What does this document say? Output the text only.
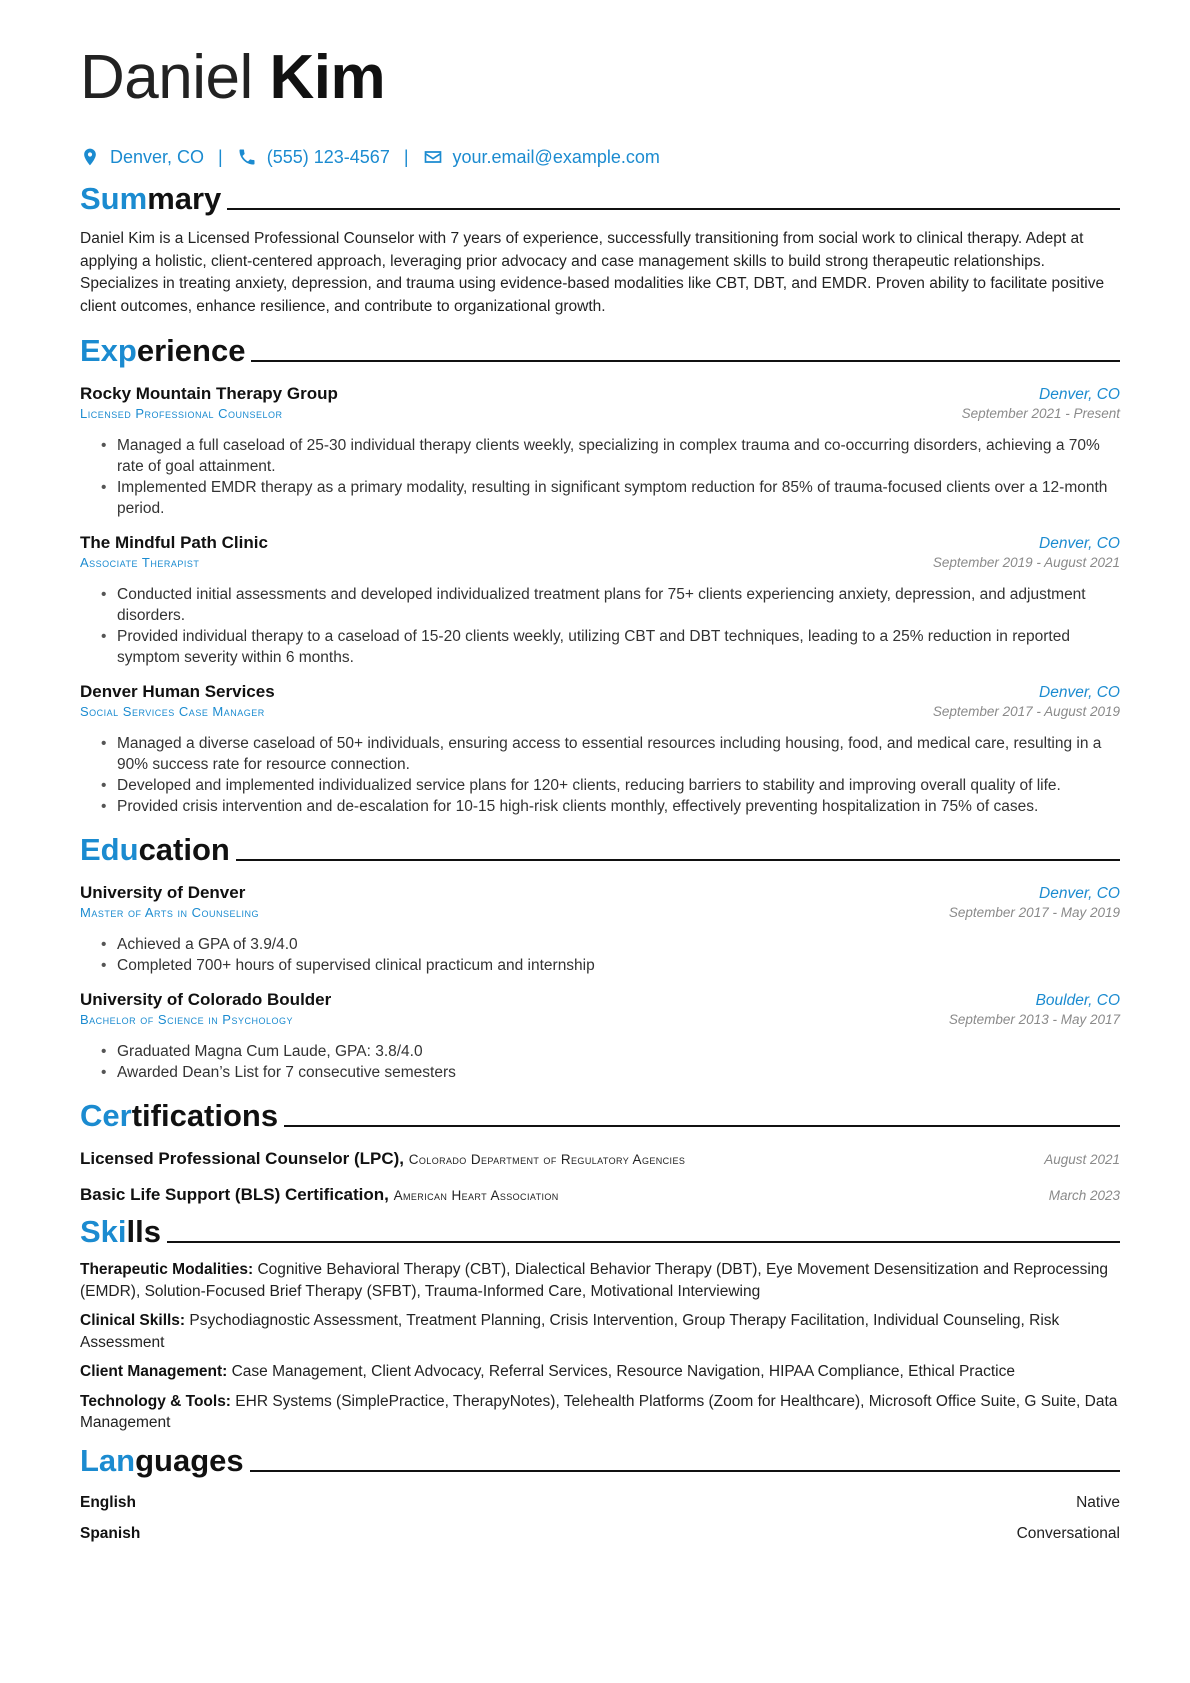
Daniel Kim
Denver, CO | (555) 123-4567 | your.email@example.com
Summary

Daniel Kim is a Licensed Professional Counselor with 7 years of experience, successfully transitioning from social work to clinical therapy. Adept at applying a holistic, client-centered approach, leveraging prior advocacy and case management skills to build strong therapeutic relationships. Specializes in treating anxiety, depression, and trauma using evidence-based modalities like CBT, DBT, and EMDR. Proven ability to facilitate positive client outcomes, enhance resilience, and contribute to organizational growth.

Experience
Rocky Mountain Therapy Group	Denver, CO
Licensed Professional Counselor	September 2021 - Present
• Managed a full caseload of 25-30 individual therapy clients weekly, specializing in complex trauma and co-occurring disorders, achieving a 70% rate of goal attainment.
• Implemented EMDR therapy as a primary modality, resulting in significant symptom reduction for 85% of trauma-focused clients over a 12-month period.
The Mindful Path Clinic	Denver, CO
Associate Therapist	September 2019 - August 2021
• Conducted initial assessments and developed individualized treatment plans for 75+ clients experiencing anxiety, depression, and adjustment disorders.
• Provided individual therapy to a caseload of 15-20 clients weekly, utilizing CBT and DBT techniques, leading to a 25% reduction in reported symptom severity within 6 months.
Denver Human Services	Denver, CO
Social Services Case Manager	September 2017 - August 2019
• Managed a diverse caseload of 50+ individuals, ensuring access to essential resources including housing, food, and medical care, resulting in a 90% success rate for resource connection.
• Developed and implemented individualized service plans for 120+ clients, reducing barriers to stability and improving overall quality of life.
• Provided crisis intervention and de-escalation for 10-15 high-risk clients monthly, effectively preventing hospitalization in 75% of cases.
Education
University of Denver	Denver, CO
Master of Arts in Counseling	September 2017 - May 2019
• Achieved a GPA of 3.9/4.0
• Completed 700+ hours of supervised clinical practicum and internship
University of Colorado Boulder	Boulder, CO
Bachelor of Science in Psychology	September 2013 - May 2017
• Graduated Magna Cum Laude, GPA: 3.8/4.0
• Awarded Dean’s List for 7 consecutive semesters
Certifications
Licensed Professional Counselor (LPC), Colorado Department of Regulatory Agencies	August 2021
Basic Life Support (BLS) Certification, American Heart Association	March 2023
Skills
Therapeutic Modalities: Cognitive Behavioral Therapy (CBT), Dialectical Behavior Therapy (DBT), Eye Movement Desensitization and Reprocessing (EMDR), Solution-Focused Brief Therapy (SFBT), Trauma-Informed Care, Motivational Interviewing
Clinical Skills: Psychodiagnostic Assessment, Treatment Planning, Crisis Intervention, Group Therapy Facilitation, Individual Counseling, Risk Assessment
Client Management: Case Management, Client Advocacy, Referral Services, Resource Navigation, HIPAA Compliance, Ethical Practice
Technology & Tools: EHR Systems (SimplePractice, TherapyNotes), Telehealth Platforms (Zoom for Healthcare), Microsoft Office Suite, G Suite, Data Management
Languages
English	Native
Spanish	Conversational
